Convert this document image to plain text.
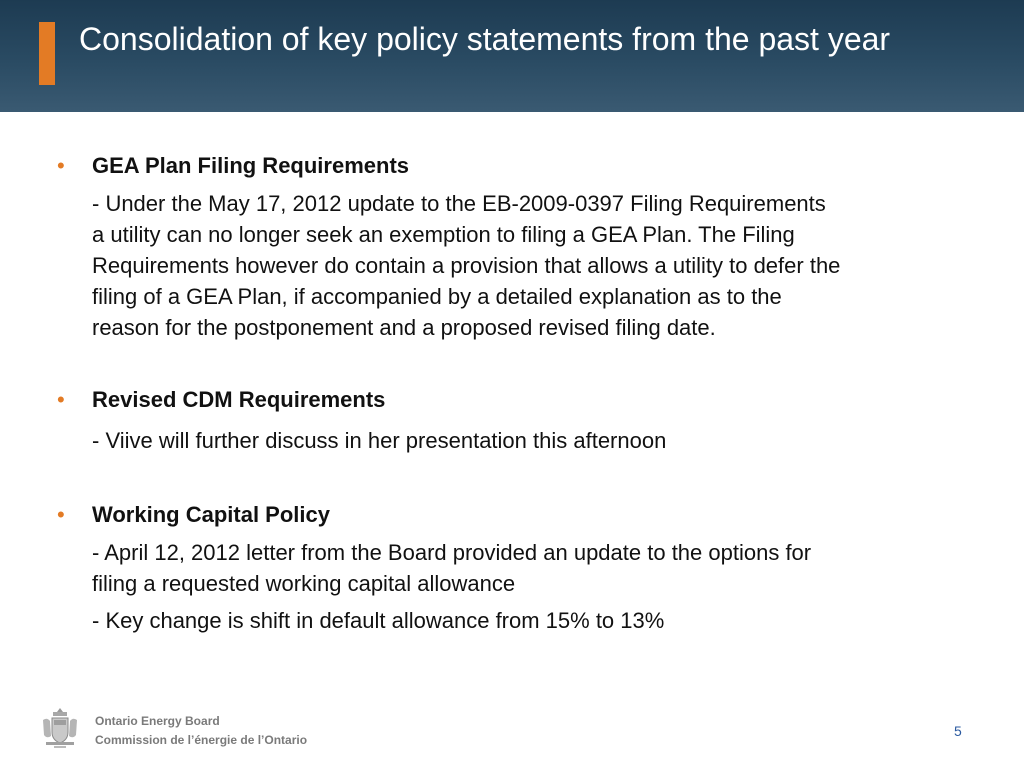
Consolidation of key policy statements from the past year
• GEA Plan Filing Requirements
- Under the May 17, 2012 update to the EB-2009-0397 Filing Requirements
a utility can no longer seek an exemption to filing a GEA Plan. The Filing
Requirements however do contain a provision that allows a utility to defer the
filing of a GEA Plan, if accompanied by a detailed explanation as to the
reason for the postponement and a proposed revised filing date.
• Revised CDM Requirements
- Viive will further discuss in her presentation this afternoon
• Working Capital Policy
- April 12, 2012 letter from the Board provided an update to the options for
filing a requested working capital allowance
- Key change is shift in default allowance from 15% to 13%
Ontario Energy Board
Commission de l’énergie de l’Ontario
5
